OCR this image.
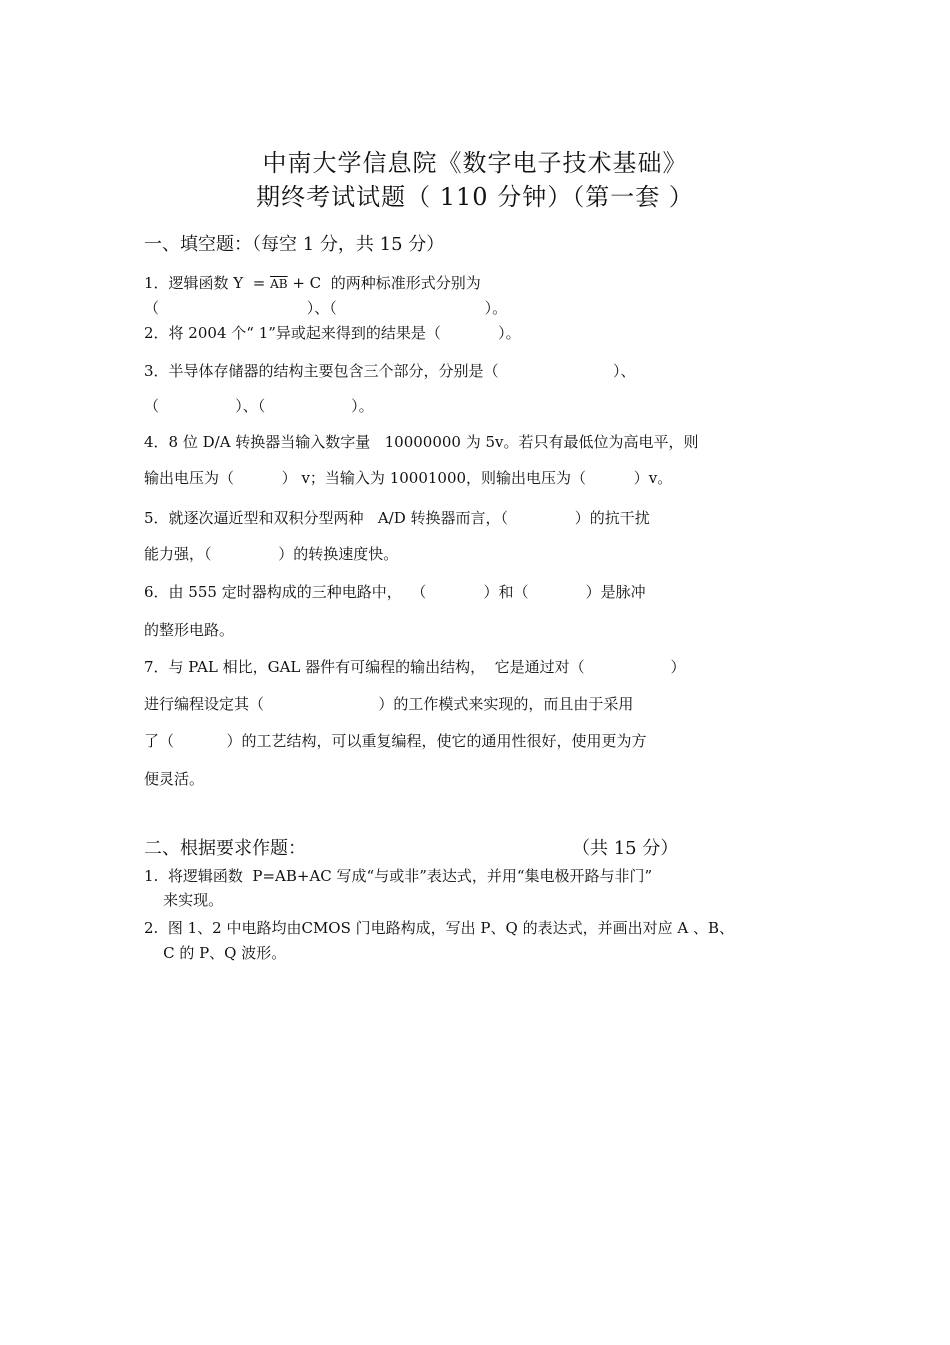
中南大学信息院《数字电子技术基础》
期终考试试题（ 110 分钟）（第一套 ）
一、填空题：（每空 1 分，共 15 分）
1．逻辑函数 $Y = \overline{AB} + C$  的两种标准形式分别为
（                               ）、（                               ）。
2．将 2004 个“ 1”异或起来得到的结果是（            ）。
3．半导体存储器的结构主要包含三个部分，分别是（                        ）、
（                ）、（                  ）。
4．8 位 D/A 转换器当输入数字量   10000000 为 5v。若只有最低位为高电平，则
输出电压为（          ） v；当输入为 10001000，则输出电压为（          ）v。
5．就逐次逼近型和双积分型两种   A/D 转换器而言，（              ）的抗干扰
能力强，（              ）的转换速度快。
6．由 555 定时器构成的三种电路中，  （            ）和（            ）是脉冲
的整形电路。
7．与 PAL 相比，GAL 器件有可编程的输出结构，  它是通过对（                  ）
进行编程设定其（                        ）的工作模式来实现的，而且由于采用
了（           ）的工艺结构，可以重复编程，使它的通用性很好，使用更为方
便灵活。
二、根据要求作题：	（共 15 分）
1.  将逻辑函数  P=AB+AC 写成“与或非”表达式，并用“集电极开路与非门”
来实现。
2.  图 1、2 中电路均由CMOS 门电路构成，写出 P、Q 的表达式，并画出对应 A 、B、
C 的 P、Q 波形。
